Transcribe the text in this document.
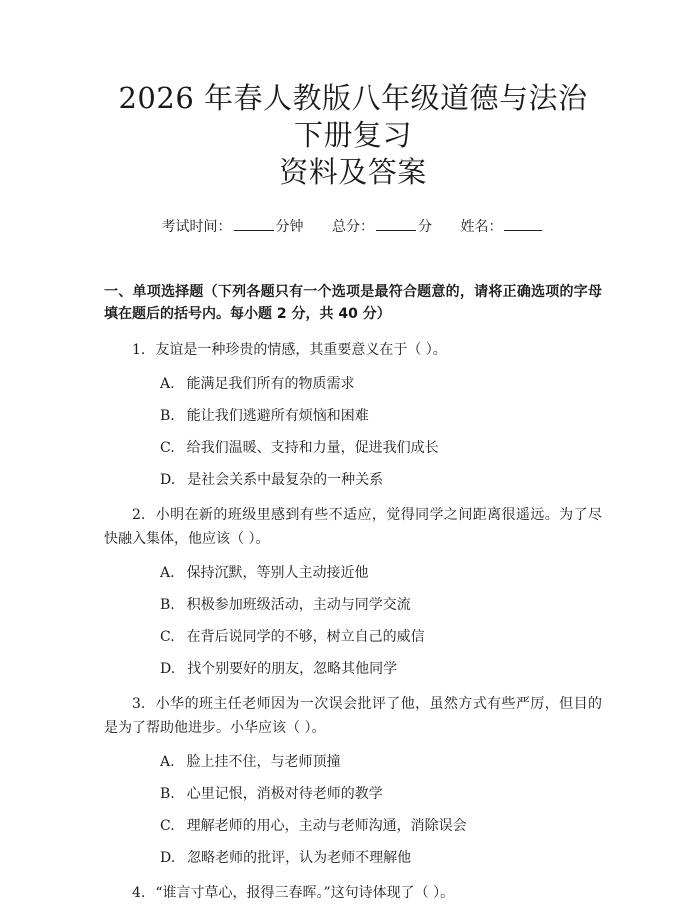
2026 年春人教版八年级道德与法治下册复习
资料及答案
考试时间：	分钟 总分：	分 姓名：
一、单项选择题（下列各题只有一个选项是最符合题意的，请将正确选项的字母填在题后的括号内。每小题 2 分，共 40 分）
1. 友谊是一种珍贵的情感，其重要意义在于（ ）。
A. 能满足我们所有的物质需求
B. 能让我们逃避所有烦恼和困难
C. 给我们温暖、支持和力量，促进我们成长
D. 是社会关系中最复杂的一种关系
2. 小明在新的班级里感到有些不适应，觉得同学之间距离很遥远。为了尽快融入集体，他应该（ ）。
A. 保持沉默，等别人主动接近他
B. 积极参加班级活动，主动与同学交流
C. 在背后说同学的不够，树立自己的威信
D. 找个别要好的朋友，忽略其他同学
3. 小华的班主任老师因为一次误会批评了他，虽然方式有些严厉，但目的是为了帮助他进步。小华应该（ ）。
A. 脸上挂不住，与老师顶撞
B. 心里记恨，消极对待老师的教学
C. 理解老师的用心，主动与老师沟通，消除误会
D. 忽略老师的批评，认为老师不理解他
4. “谁言寸草心，报得三春晖。”这句诗体现了（ ）。
